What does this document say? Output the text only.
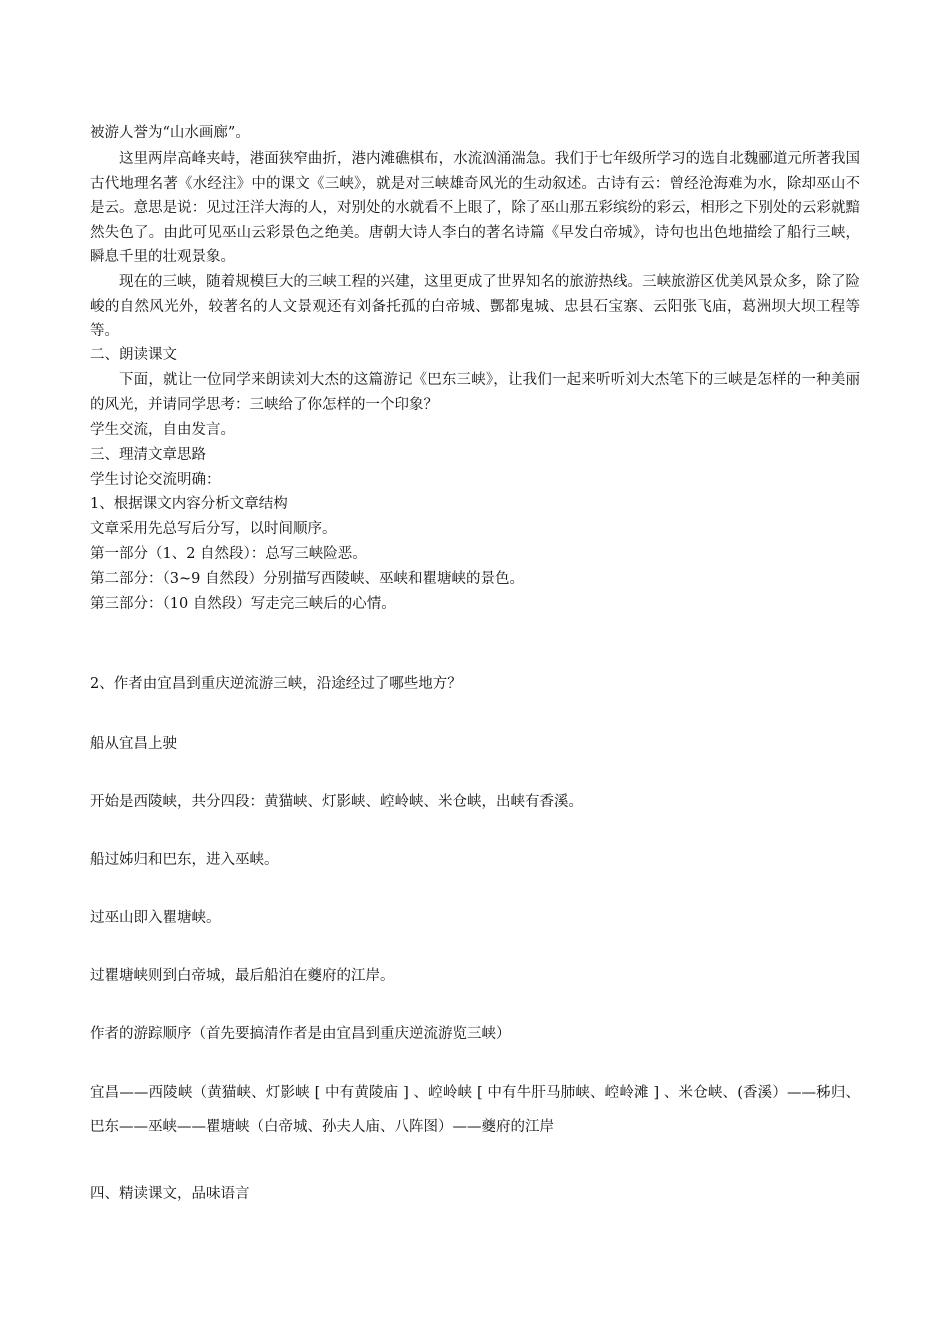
被游人誉为“山水画廊”。
这里两岸高峰夹峙，港面狭窄曲折，港内滩礁棋布，水流汹涌湍急。我们于七年级所学习的选自北魏郦道元所著我国古代地理名著《水经注》中的课文《三峡》，就是对三峡雄奇风光的生动叙述。古诗有云：曾经沧海难为水，除却巫山不是云。意思是说：见过汪洋大海的人，对别处的水就看不上眼了，除了巫山那五彩缤纷的彩云，相形之下别处的云彩就黯然失色了。由此可见巫山云彩景色之绝美。唐朝大诗人李白的著名诗篇《早发白帝城》，诗句也出色地描绘了船行三峡，瞬息千里的壮观景象。
现在的三峡，随着规模巨大的三峡工程的兴建，这里更成了世界知名的旅游热线。三峡旅游区优美风景众多，除了险峻的自然风光外，较著名的人文景观还有刘备托孤的白帝城、酆都鬼城、忠县石宝寨、云阳张飞庙，葛洲坝大坝工程等等。
二、朗读课文
下面，就让一位同学来朗读刘大杰的这篇游记《巴东三峡》，让我们一起来听听刘大杰笔下的三峡是怎样的一种美丽的风光，并请同学思考：三峡给了你怎样的一个印象？
学生交流，自由发言。
三、理清文章思路
学生讨论交流明确：
1、根据课文内容分析文章结构
文章采用先总写后分写，以时间顺序。
第一部分（1、2 自然段）：总写三峡险恶。
第二部分：（3~9 自然段）分别描写西陵峡、巫峡和瞿塘峡的景色。
第三部分：（10 自然段）写走完三峡后的心情。
2、作者由宜昌到重庆逆流游三峡，沿途经过了哪些地方？
船从宜昌上驶
开始是西陵峡，共分四段：黄猫峡、灯影峡、崆岭峡、米仓峡，出峡有香溪。
船过姊归和巴东，进入巫峡。
过巫山即入瞿塘峡。
过瞿塘峡则到白帝城，最后船泊在夔府的江岸。
作者的游踪顺序（首先要搞清作者是由宜昌到重庆逆流游览三峡）
宜昌——西陵峡（黄猫峡、灯影峡 [ 中有黄陵庙 ] 、崆岭峡 [ 中有牛肝马肺峡、崆岭滩 ] 、米仓峡、(香溪）——秭归、巴东——巫峡——瞿塘峡（白帝城、孙夫人庙、八阵图）——夔府的江岸
四、精读课文，品味语言
